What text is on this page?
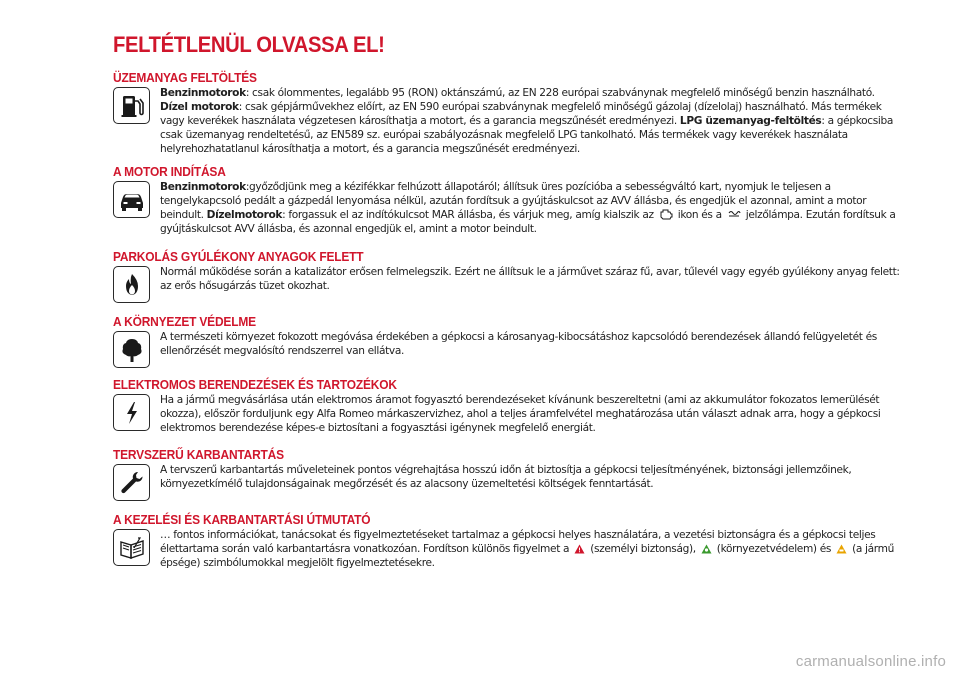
FELTÉTLENÜL OLVASSA EL!
ÜZEMANYAG FELTÖLTÉS

Benzinmotorok: csak ólommentes, legalább 95 (RON) oktánszámú, az EN 228 európai szabványnak megfelelő minőségű benzin használható. Dízel motorok: csak gépjárművekhez előírt, az EN 590 európai szabványnak megfelelő minőségű gázolaj (dízelolaj) használható. Más termékek vagy keverékek használata végzetesen károsíthatja a motort, és a garancia megszűnését eredményezi. LPG üzemanyag-feltöltés: a gépkocsiba csak üzemanyag rendeltetésű, az EN589 sz. európai szabályozásnak megfelelő LPG tankolható. Más termékek vagy keverékek használata helyrehozhatatlanul károsíthatja a motort, és a garancia megszűnését eredményezi.

A MOTOR INDÍTÁSA

Benzinmotorok:győződjünk meg a kézifékkar felhúzott állapotáról; állítsuk üres pozícióba a sebességváltó kart, nyomjuk le teljesen a tengelykapcsoló pedált a gázpedál lenyomása nélkül, azután fordítsuk a gyújtáskulcsot az AVV állásba, és engedjük el azonnal, amint a motor beindult. Dízelmotorok: forgassuk el az indítókulcsot MAR állásba, és várjuk meg, amíg kialszik az
ikon és a
jelzőlámpa. Ezután fordítsuk a gyújtáskulcsot AVV állásba, és azonnal engedjük el, amint a motor beindult.

PARKOLÁS GYÚLÉKONY ANYAGOK FELETT

Normál működése során a katalizátor erősen felmelegszik. Ezért ne állítsuk le a járművet száraz fű, avar, tűlevél vagy egyéb gyúlékony anyag felett: az erős hősugárzás tüzet okozhat.

A KÖRNYEZET VÉDELME

A természeti környezet fokozott megóvása érdekében a gépkocsi a károsanyag-kibocsátáshoz kapcsolódó berendezések állandó felügyeletét és ellenőrzését megvalósító rendszerrel van ellátva.

ELEKTROMOS BERENDEZÉSEK ÉS TARTOZÉKOK

Ha a jármű megvásárlása után elektromos áramot fogyasztó berendezéseket kívánunk beszereltetni (ami az akkumulátor fokozatos lemerülését okozza), először forduljunk egy Alfa Romeo márkaszervizhez, ahol a teljes áramfelvétel meghatározása után választ adnak arra, hogy a gépkocsi elektromos berendezése képes-e biztosítani a fogyasztási igénynek megfelelő energiát.

TERVSZERŰ KARBANTARTÁS

A tervszerű karbantartás műveleteinek pontos végrehajtása hosszú időn át biztosítja a gépkocsi teljesítményének, biztonsági jellemzőinek, környezetkímélő tulajdonságainak megőrzését és az alacsony üzemeltetési költségek fenntartását.

A KEZELÉSI ÉS KARBANTARTÁSI ÚTMUTATÓ

… fontos információkat, tanácsokat és figyelmeztetéseket tartalmaz a gépkocsi helyes használatára, a vezetési biztonságra és a gépkocsi teljes élettartama során való karbantartásra vonatkozóan. Fordítson különös figyelmet a
(személyi biztonság),
(környezetvédelem) és
(a jármű épsége) szimbólumokkal megjelölt figyelmeztetésekre.

carmanualsonline.info
